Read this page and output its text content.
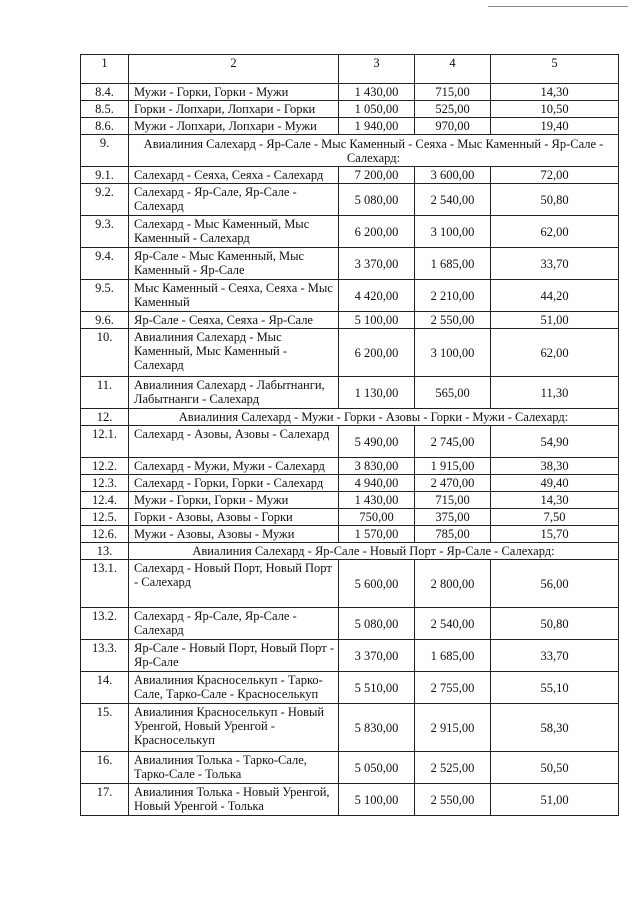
1	2	3	4	5
8.4.	Мужи - Горки, Горки - Мужи	1 430,00	715,00	14,30
8.5.	Горки - Лопхари, Лопхари - Горки	1 050,00	525,00	10,50
8.6.	Мужи - Лопхари, Лопхари - Мужи	1 940,00	970,00	19,40
9.	Авиалиния Салехард - Яр-Сале - Мыс Каменный - Сеяха - Мыс Каменный - Яр-Сале - Салехард:			
9.1.	Салехард - Сеяха, Сеяха - Салехард	7 200,00	3 600,00	72,00
9.2.	Салехард - Яр-Сале, Яр-Сале - Салехард	5 080,00	2 540,00	50,80
9.3.	Салехард - Мыс Каменный, Мыс Каменный - Салехард	6 200,00	3 100,00	62,00
9.4.	Яр-Сале - Мыс Каменный, Мыс Каменный - Яр-Сале	3 370,00	1 685,00	33,70
9.5.	Мыс Каменный - Сеяха, Сеяха - Мыс Каменный	4 420,00	2 210,00	44,20
9.6.	Яр-Сале - Сеяха, Сеяха - Яр-Сале	5 100,00	2 550,00	51,00
10.	Авиалиния Салехард - Мыс Каменный, Мыс Каменный - Салехард	6 200,00	3 100,00	62,00
11.	Авиалиния Салехард - Лабытнанги, Лабытнанги - Салехард	1 130,00	565,00	11,30
12.	Авиалиния Салехард - Мужи - Горки - Азовы - Горки - Мужи - Салехард:			
12.1.	Салехард - Азовы, Азовы - Салехард	5 490,00	2 745,00	54,90
12.2.	Салехард - Мужи, Мужи - Салехард	3 830,00	1 915,00	38,30
12.3.	Салехард - Горки, Горки - Салехард	4 940,00	2 470,00	49,40
12.4.	Мужи - Горки, Горки - Мужи	1 430,00	715,00	14,30
12.5.	Горки - Азовы, Азовы - Горки	750,00	375,00	7,50
12.6.	Мужи - Азовы, Азовы - Мужи	1 570,00	785,00	15,70
13.	Авиалиния Салехард - Яр-Сале - Новый Порт - Яр-Сале - Салехард:			
13.1.	Салехард - Новый Порт, Новый Порт - Салехард	5 600,00	2 800,00	56,00
13.2.	Салехард - Яр-Сале, Яр-Сале - Салехард	5 080,00	2 540,00	50,80
13.3.	Яр-Сале - Новый Порт, Новый Порт - Яр-Сале	3 370,00	1 685,00	33,70
14.	Авиалиния Красноселькуп - Тарко-Сале, Тарко-Сале - Красноселькуп	5 510,00	2 755,00	55,10
15.	Авиалиния Красноселькуп - Новый Уренгой, Новый Уренгой - Красноселькуп	5 830,00	2 915,00	58,30
16.	Авиалиния Толька - Тарко-Сале, Тарко-Сале - Толька	5 050,00	2 525,00	50,50
17.	Авиалиния Толька - Новый Уренгой, Новый Уренгой - Толька	5 100,00	2 550,00	51,00
